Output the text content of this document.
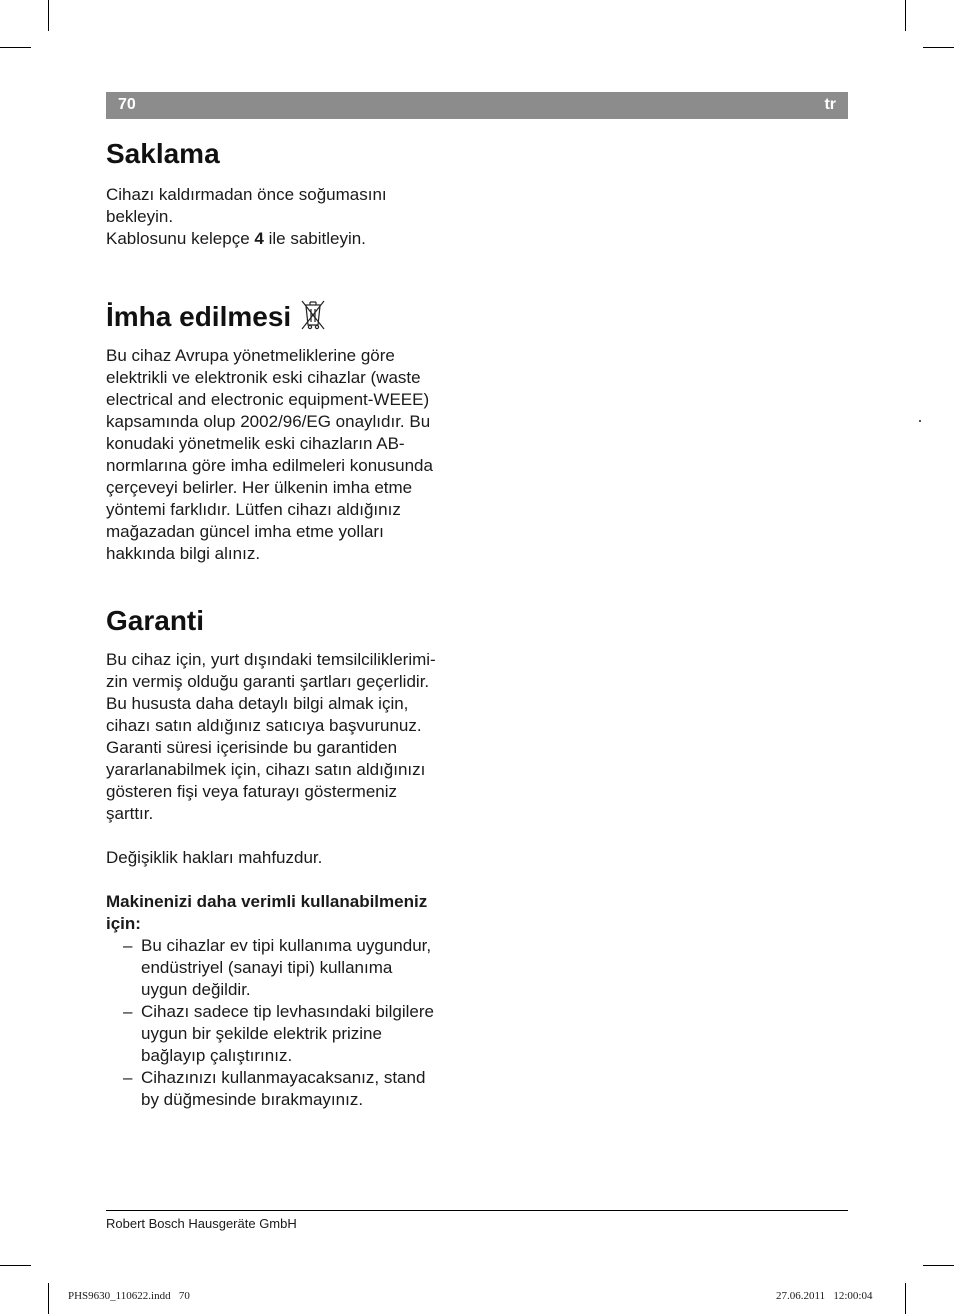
70	tr
Saklama

Cihazı kaldırmadan önce soğumasını

bekleyin.

Kablosunu kelepçe 4 ile sabitleyin.

İmha edilmesi

Bu cihaz Avrupa yönetmeliklerine göre

elektrikli ve elektronik eski cihazlar (waste

electrical and electronic equipment-WEEE)

kapsamında olup 2002/96/EG onaylıdır. Bu

konudaki yönetmelik eski cihazların AB-

normlarına göre imha edilmeleri konusunda

çerçeveyi belirler. Her ülkenin imha etme

yöntemi farklıdır. Lütfen cihazı aldığınız

mağazadan güncel imha etme yolları

hakkında bilgi alınız.

Garanti

Bu cihaz için, yurt dışındaki temsilciliklerimi-

zin vermiş olduğu garanti şartları geçerlidir.

Bu hususta daha detaylı bilgi almak için,

cihazı satın aldığınız satıcıya başvurunuz.

Garanti süresi içerisinde bu garantiden

yararlanabilmek için, cihazı satın aldığınızı

gösteren fişi veya faturayı göstermeniz

şarttır.

Değişiklik hakları mahfuzdur.

Makinenizi daha verimli kullanabilmeniz
için:
– Bu cihazlar ev tipi kullanıma uygundur,
endüstriyel (sanayi tipi) kullanıma
uygun değildir.
– Cihazı sadece tip levhasındaki bilgilere
uygun bir şekilde elektrik prizine
bağlayıp çalıştırınız.
– Cihazınızı kullanmayacaksanız, stand
by düğmesinde bırakmayınız.
Robert Bosch Hausgeräte GmbH
PHS9630_110622.indd   70	27.06.2011   12:00:04
